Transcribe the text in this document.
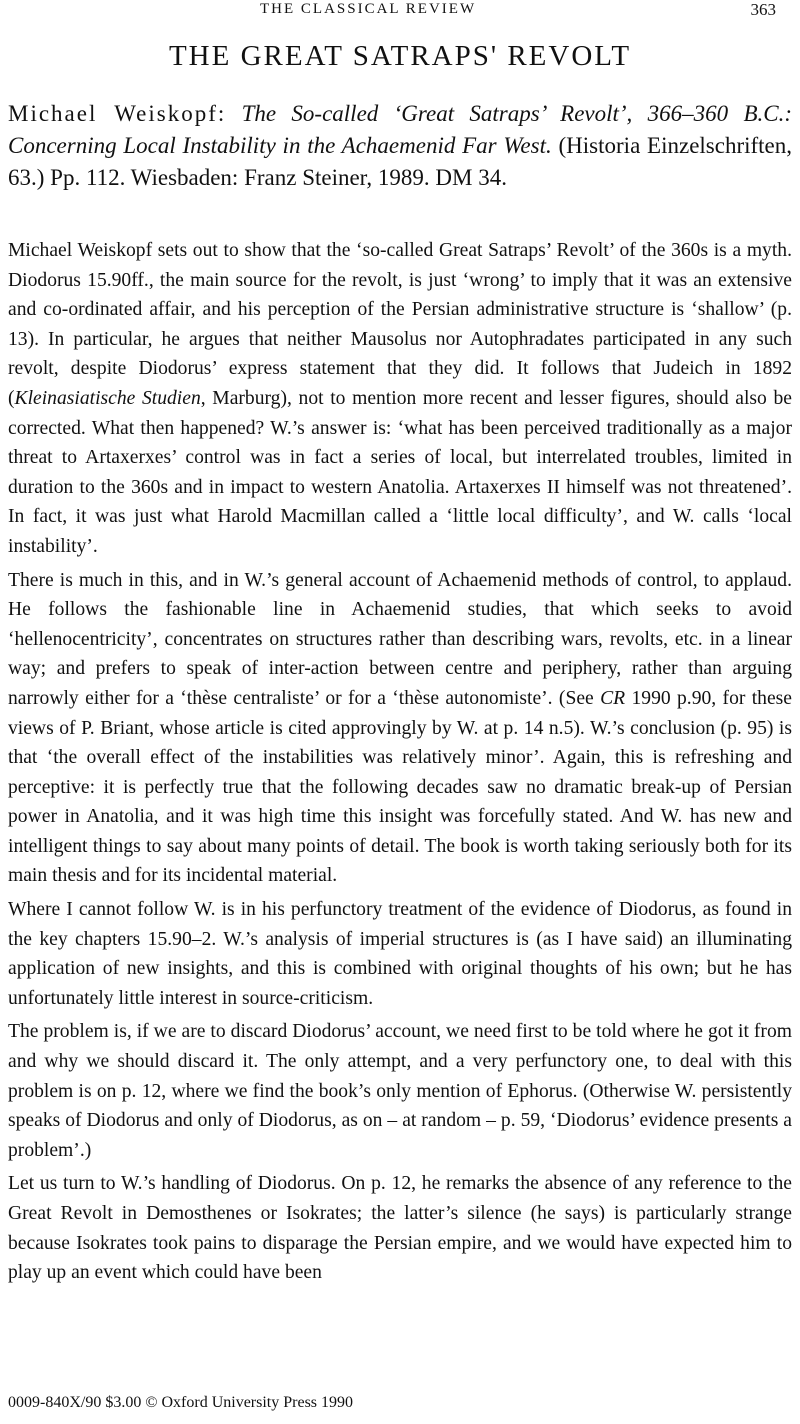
THE CLASSICAL REVIEW	363
THE GREAT SATRAPS' REVOLT
Michael Weiskopf: The So-called ‘Great Satraps’ Revolt’, 366–360 B.C.: Concerning Local Instability in the Achaemenid Far West. (Historia Einzelschriften, 63.) Pp. 112. Wiesbaden: Franz Steiner, 1989. DM 34.

Michael Weiskopf sets out to show that the ‘so-called Great Satraps’ Revolt’ of the 360s is a myth. Diodorus 15.90ff., the main source for the revolt, is just ‘wrong’ to imply that it was an extensive and co-ordinated affair, and his perception of the Persian administrative structure is ‘shallow’ (p. 13). In particular, he argues that neither Mausolus nor Autophradates participated in any such revolt, despite Diodorus’ express statement that they did. It follows that Judeich in 1892 (Kleinasiatische Studien, Marburg), not to mention more recent and lesser figures, should also be corrected. What then happened? W.’s answer is: ‘what has been perceived traditionally as a major threat to Artaxerxes’ control was in fact a series of local, but interrelated troubles, limited in duration to the 360s and in impact to western Anatolia. Artaxerxes II himself was not threatened’. In fact, it was just what Harold Macmillan called a ‘little local difficulty’, and W. calls ‘local instability’.

There is much in this, and in W.’s general account of Achaemenid methods of control, to applaud. He follows the fashionable line in Achaemenid studies, that which seeks to avoid ‘hellenocentricity’, concentrates on structures rather than describing wars, revolts, etc. in a linear way; and prefers to speak of inter-action between centre and periphery, rather than arguing narrowly either for a ‘thèse centraliste’ or for a ‘thèse autonomiste’. (See CR 1990 p.90, for these views of P. Briant, whose article is cited approvingly by W. at p. 14 n.5). W.’s conclusion (p. 95) is that ‘the overall effect of the instabilities was relatively minor’. Again, this is refreshing and perceptive: it is perfectly true that the following decades saw no dramatic break-up of Persian power in Anatolia, and it was high time this insight was forcefully stated. And W. has new and intelligent things to say about many points of detail. The book is worth taking seriously both for its main thesis and for its incidental material.

Where I cannot follow W. is in his perfunctory treatment of the evidence of Diodorus, as found in the key chapters 15.90–2. W.’s analysis of imperial structures is (as I have said) an illuminating application of new insights, and this is combined with original thoughts of his own; but he has unfortunately little interest in source-criticism.

The problem is, if we are to discard Diodorus’ account, we need first to be told where he got it from and why we should discard it. The only attempt, and a very perfunctory one, to deal with this problem is on p. 12, where we find the book’s only mention of Ephorus. (Otherwise W. persistently speaks of Diodorus and only of Diodorus, as on – at random – p. 59, ‘Diodorus’ evidence presents a problem’.)

Let us turn to W.’s handling of Diodorus. On p. 12, he remarks the absence of any reference to the Great Revolt in Demosthenes or Isokrates; the latter’s silence (he says) is particularly strange because Isokrates took pains to disparage the Persian empire, and we would have expected him to play up an event which could have been

0009-840X/90 $3.00 © Oxford University Press 1990
